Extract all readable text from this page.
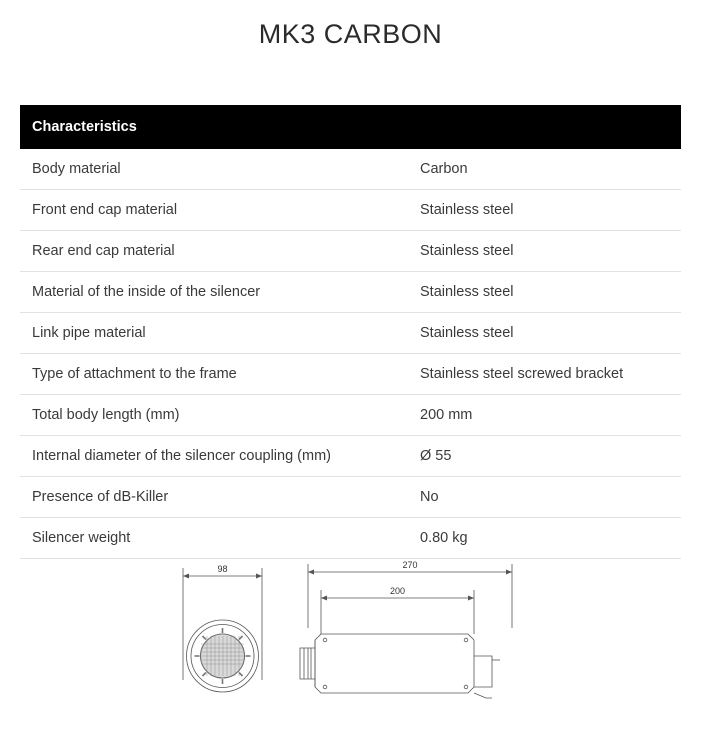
MK3 CARBON
Characteristics	
Body material	Carbon
Front end cap material	Stainless steel
Rear end cap material	Stainless steel
Material of the inside of the silencer	Stainless steel
Link pipe material	Stainless steel
Type of attachment to the frame	Stainless steel screwed bracket
Total body length (mm)	200 mm
Internal diameter of the silencer coupling (mm)	Ø 55
Presence of dB-Killer	No
Silencer weight	0.80 kg
98	270
200
